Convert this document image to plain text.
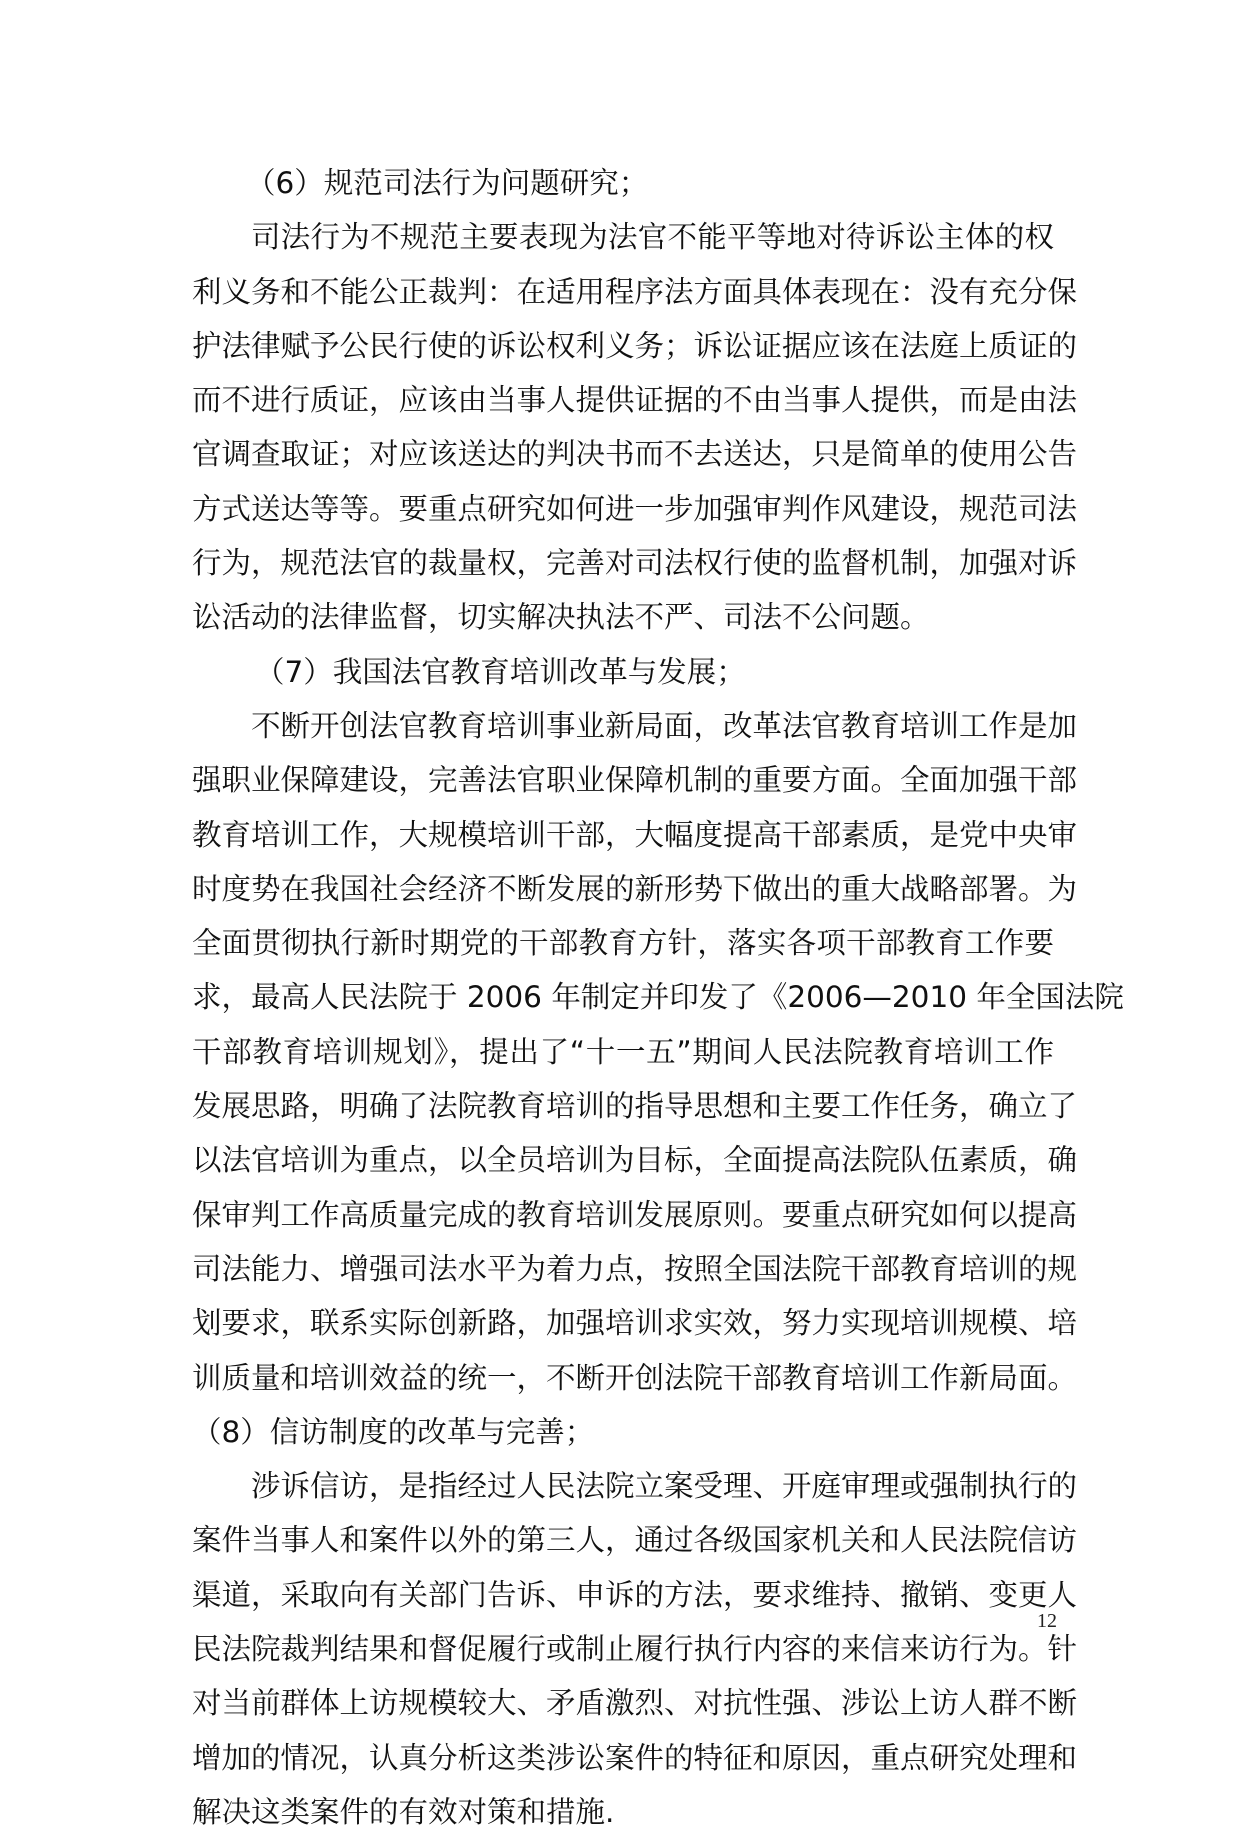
（6）规范司法行为问题研究；
司法行为不规范主要表现为法官不能平等地对待诉讼主体的权
利义务和不能公正裁判：在适用程序法方面具体表现在：没有充分保
护法律赋予公民行使的诉讼权利义务；诉讼证据应该在法庭上质证的
而不进行质证，应该由当事人提供证据的不由当事人提供，而是由法
官调查取证；对应该送达的判决书而不去送达，只是简单的使用公告
方式送达等等。要重点研究如何进一步加强审判作风建设，规范司法
行为，规范法官的裁量权，完善对司法权行使的监督机制，加强对诉
讼活动的法律监督，切实解决执法不严、司法不公问题。
（7）我国法官教育培训改革与发展；
不断开创法官教育培训事业新局面，改革法官教育培训工作是加
强职业保障建设，完善法官职业保障机制的重要方面。全面加强干部
教育培训工作，大规模培训干部，大幅度提高干部素质，是党中央审
时度势在我国社会经济不断发展的新形势下做出的重大战略部署。为
全面贯彻执行新时期党的干部教育方针，落实各项干部教育工作要
求，最高人民法院于 2006 年制定并印发了《2006—2010 年全国法院
干部教育培训规划》，提出了“十一五”期间人民法院教育培训工作
发展思路，明确了法院教育培训的指导思想和主要工作任务，确立了
以法官培训为重点，以全员培训为目标，全面提高法院队伍素质，确
保审判工作高质量完成的教育培训发展原则。要重点研究如何以提高
司法能力、增强司法水平为着力点，按照全国法院干部教育培训的规
划要求，联系实际创新路，加强培训求实效，努力实现培训规模、培
训质量和培训效益的统一，不断开创法院干部教育培训工作新局面。
（8）信访制度的改革与完善；
涉诉信访，是指经过人民法院立案受理、开庭审理或强制执行的
案件当事人和案件以外的第三人，通过各级国家机关和人民法院信访
渠道，采取向有关部门告诉、申诉的方法，要求维持、撤销、变更人
民法院裁判结果和督促履行或制止履行执行内容的来信来访行为。针
对当前群体上访规模较大、矛盾激烈、对抗性强、涉讼上访人群不断
增加的情况，认真分析这类涉讼案件的特征和原因，重点研究处理和
解决这类案件的有效对策和措施.
12
